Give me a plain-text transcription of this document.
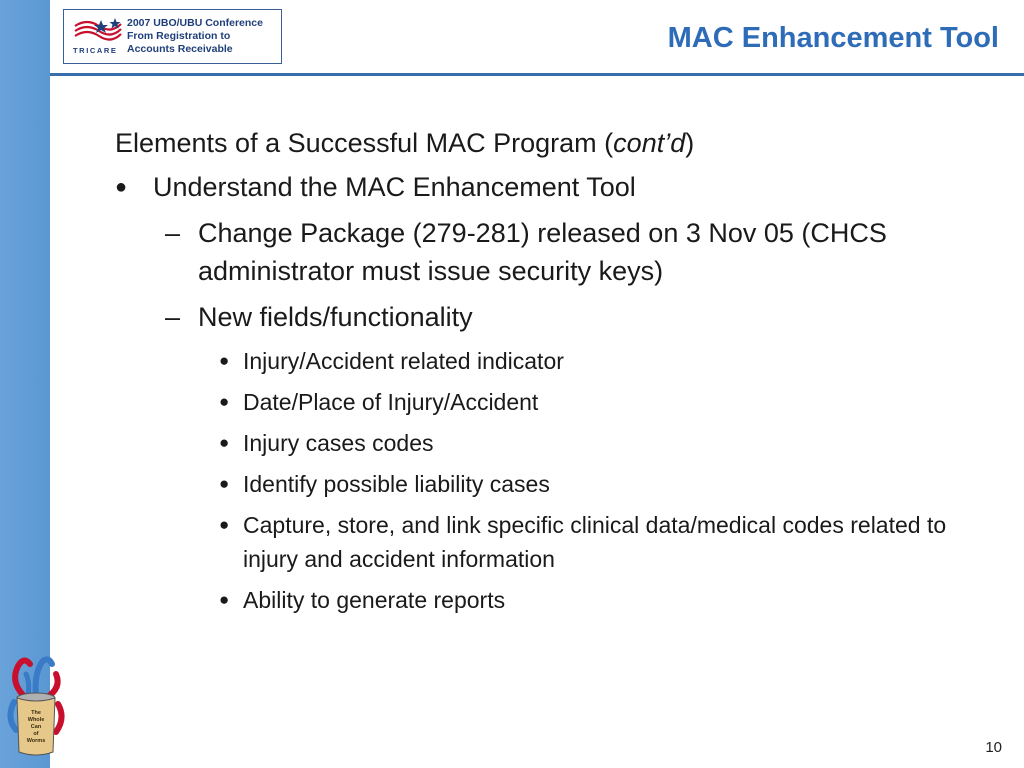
TRICARE
2007 UBO/UBU Conference
From Registration to
Accounts Receivable	MAC Enhancement Tool
Elements of a Successful MAC Program (cont’d)
● Understand the MAC Enhancement Tool
– Change Package (279-281) released on 3 Nov 05 (CHCS administrator must issue security keys)
– New fields/functionality
● Injury/Accident related indicator
● Date/Place of Injury/Accident
● Injury cases codes
● Identify possible liability cases
● Capture, store, and link specific clinical data/medical codes related to injury and accident information
● Ability to generate reports
The
Whole
Can
of
Worms	10
